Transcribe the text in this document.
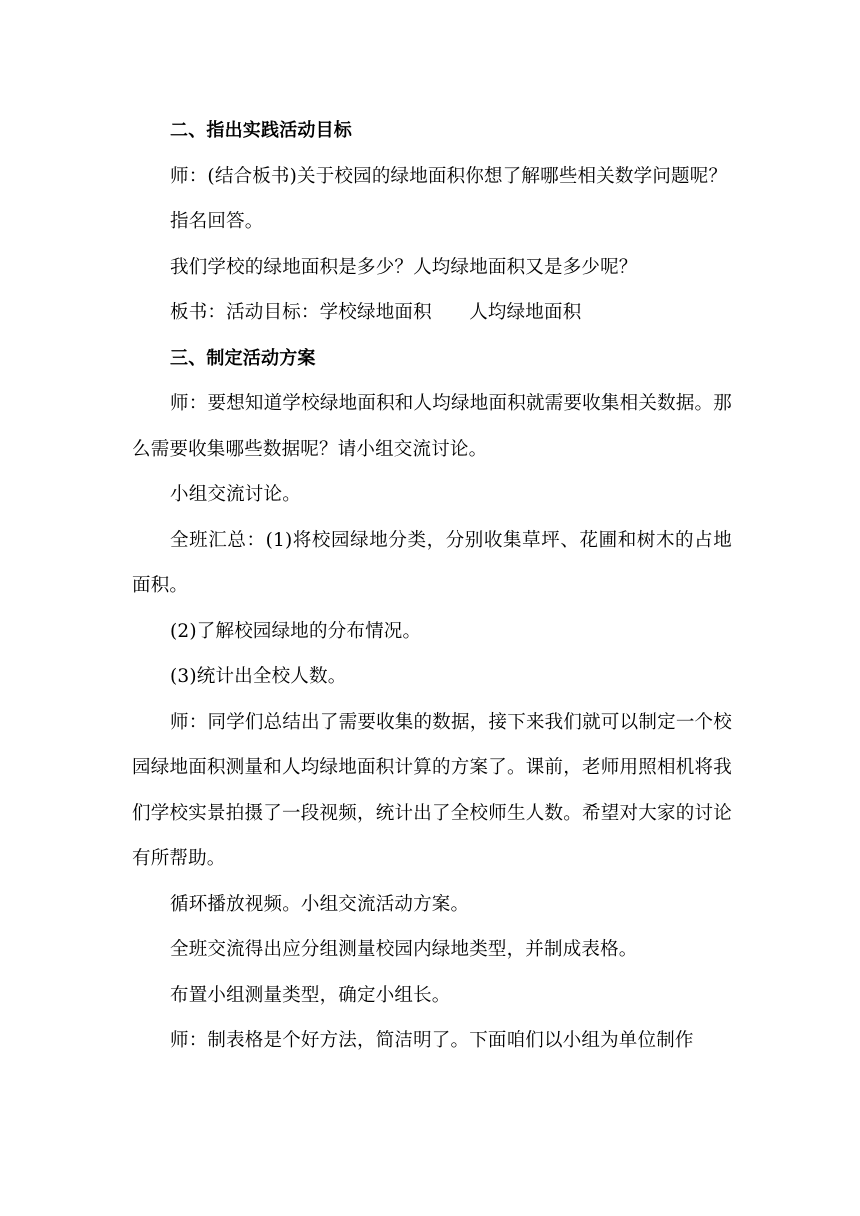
二、指出实践活动目标

师：(结合板书)关于校园的绿地面积你想了解哪些相关数学问题呢？

指名回答。

我们学校的绿地面积是多少？人均绿地面积又是多少呢？

板书：活动目标：学校绿地面积　　人均绿地面积

三、制定活动方案

师：要想知道学校绿地面积和人均绿地面积就需要收集相关数据。那么需要收集哪些数据呢？请小组交流讨论。

小组交流讨论。

全班汇总：(1)将校园绿地分类，分别收集草坪、花圃和树木的占地面积。

(2)了解校园绿地的分布情况。

(3)统计出全校人数。

师：同学们总结出了需要收集的数据，接下来我们就可以制定一个校园绿地面积测量和人均绿地面积计算的方案了。课前，老师用照相机将我们学校实景拍摄了一段视频，统计出了全校师生人数。希望对大家的讨论有所帮助。

循环播放视频。小组交流活动方案。

全班交流得出应分组测量校园内绿地类型，并制成表格。

布置小组测量类型，确定小组长。

师：制表格是个好方法，简洁明了。下面咱们以小组为单位制作
